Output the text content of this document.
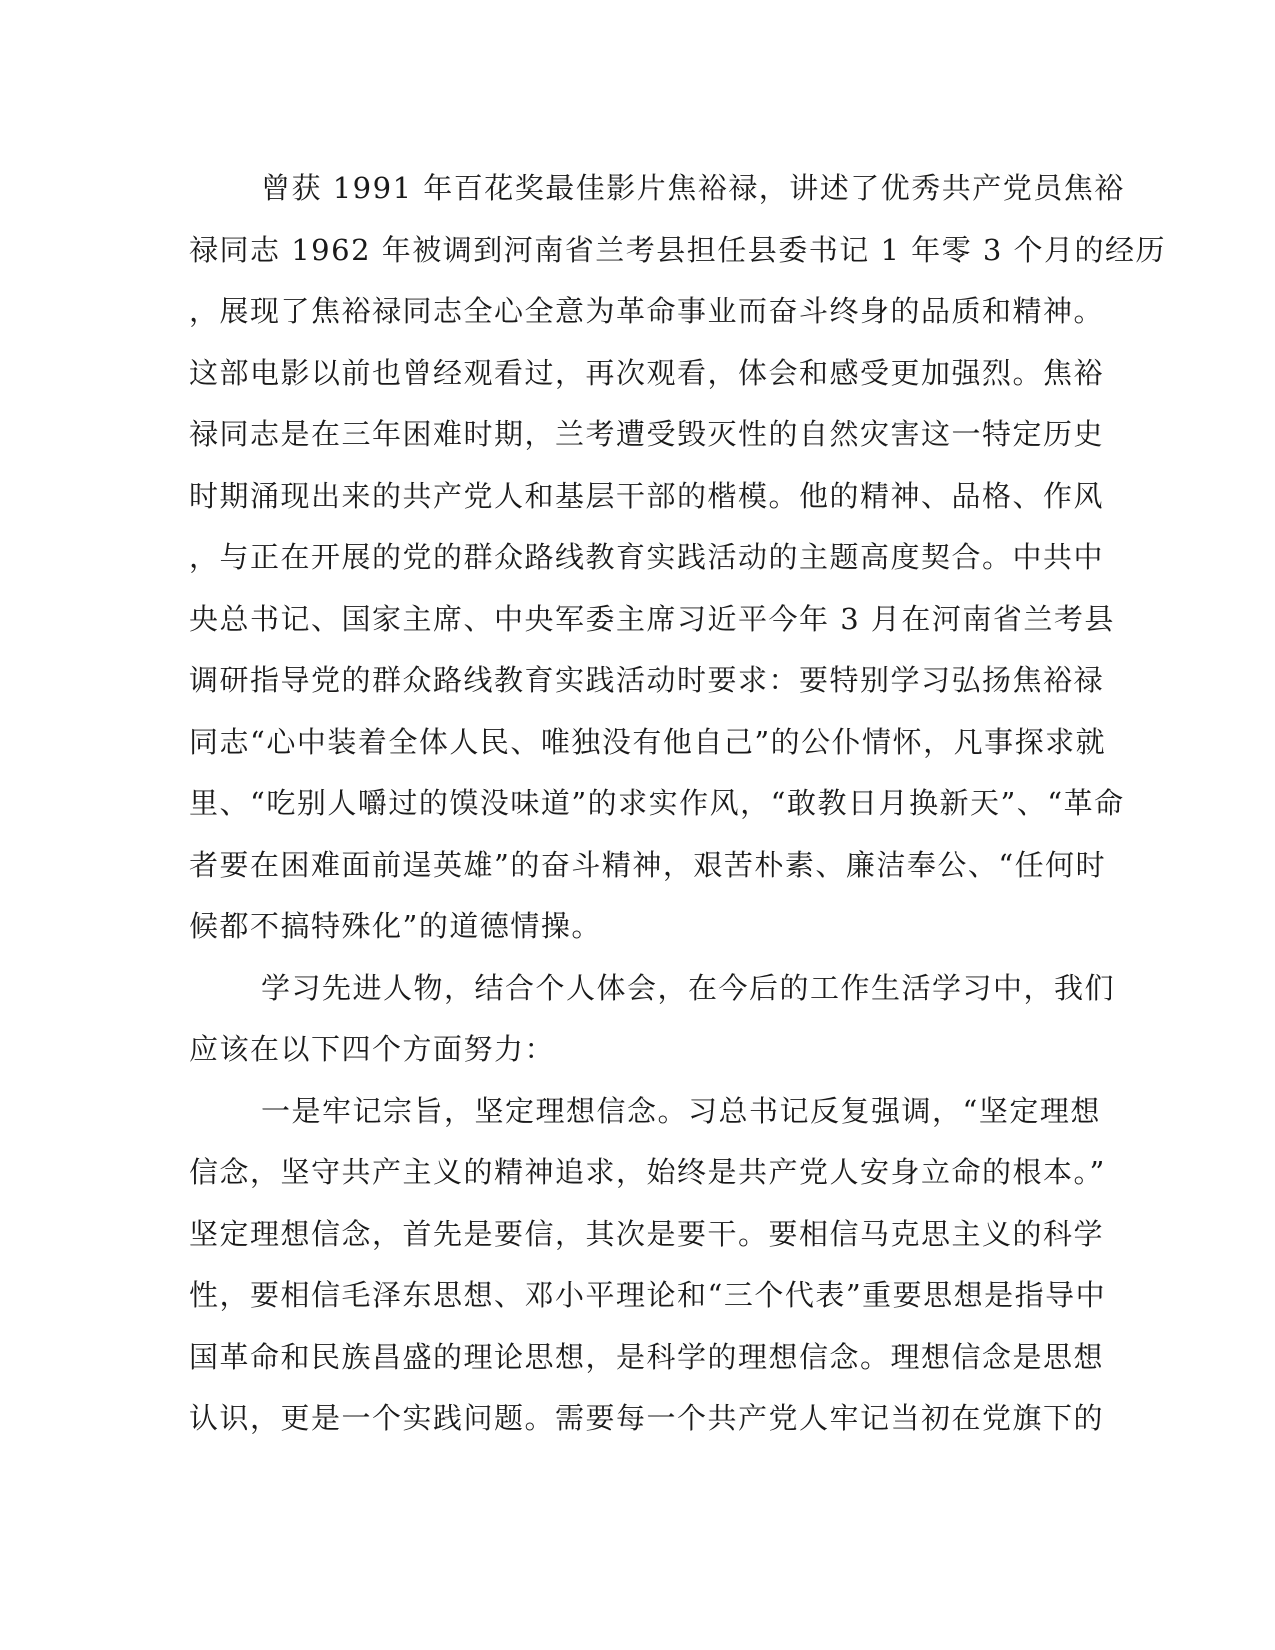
曾获 1991 年百花奖最佳影片焦裕禄，讲述了优秀共产党员焦裕
禄同志 1962 年被调到河南省兰考县担任县委书记 1 年零 3 个月的经历
，展现了焦裕禄同志全心全意为革命事业而奋斗终身的品质和精神。
这部电影以前也曾经观看过，再次观看，体会和感受更加强烈。焦裕
禄同志是在三年困难时期，兰考遭受毁灭性的自然灾害这一特定历史
时期涌现出来的共产党人和基层干部的楷模。他的精神、品格、作风
，与正在开展的党的群众路线教育实践活动的主题高度契合。中共中
央总书记、国家主席、中央军委主席习近平今年 3 月在河南省兰考县
调研指导党的群众路线教育实践活动时要求：要特别学习弘扬焦裕禄
同志“心中装着全体人民、唯独没有他自己”的公仆情怀，凡事探求就
里、“吃别人嚼过的馍没味道”的求实作风，“敢教日月换新天”、“革命
者要在困难面前逞英雄”的奋斗精神，艰苦朴素、廉洁奉公、“任何时
候都不搞特殊化”的道德情操。
学习先进人物，结合个人体会，在今后的工作生活学习中，我们
应该在以下四个方面努力：
一是牢记宗旨，坚定理想信念。习总书记反复强调，“坚定理想
信念，坚守共产主义的精神追求，始终是共产党人安身立命的根本。”
坚定理想信念，首先是要信，其次是要干。要相信马克思主义的科学
性，要相信毛泽东思想、邓小平理论和“三个代表”重要思想是指导中
国革命和民族昌盛的理论思想，是科学的理想信念。理想信念是思想
认识，更是一个实践问题。需要每一个共产党人牢记当初在党旗下的
